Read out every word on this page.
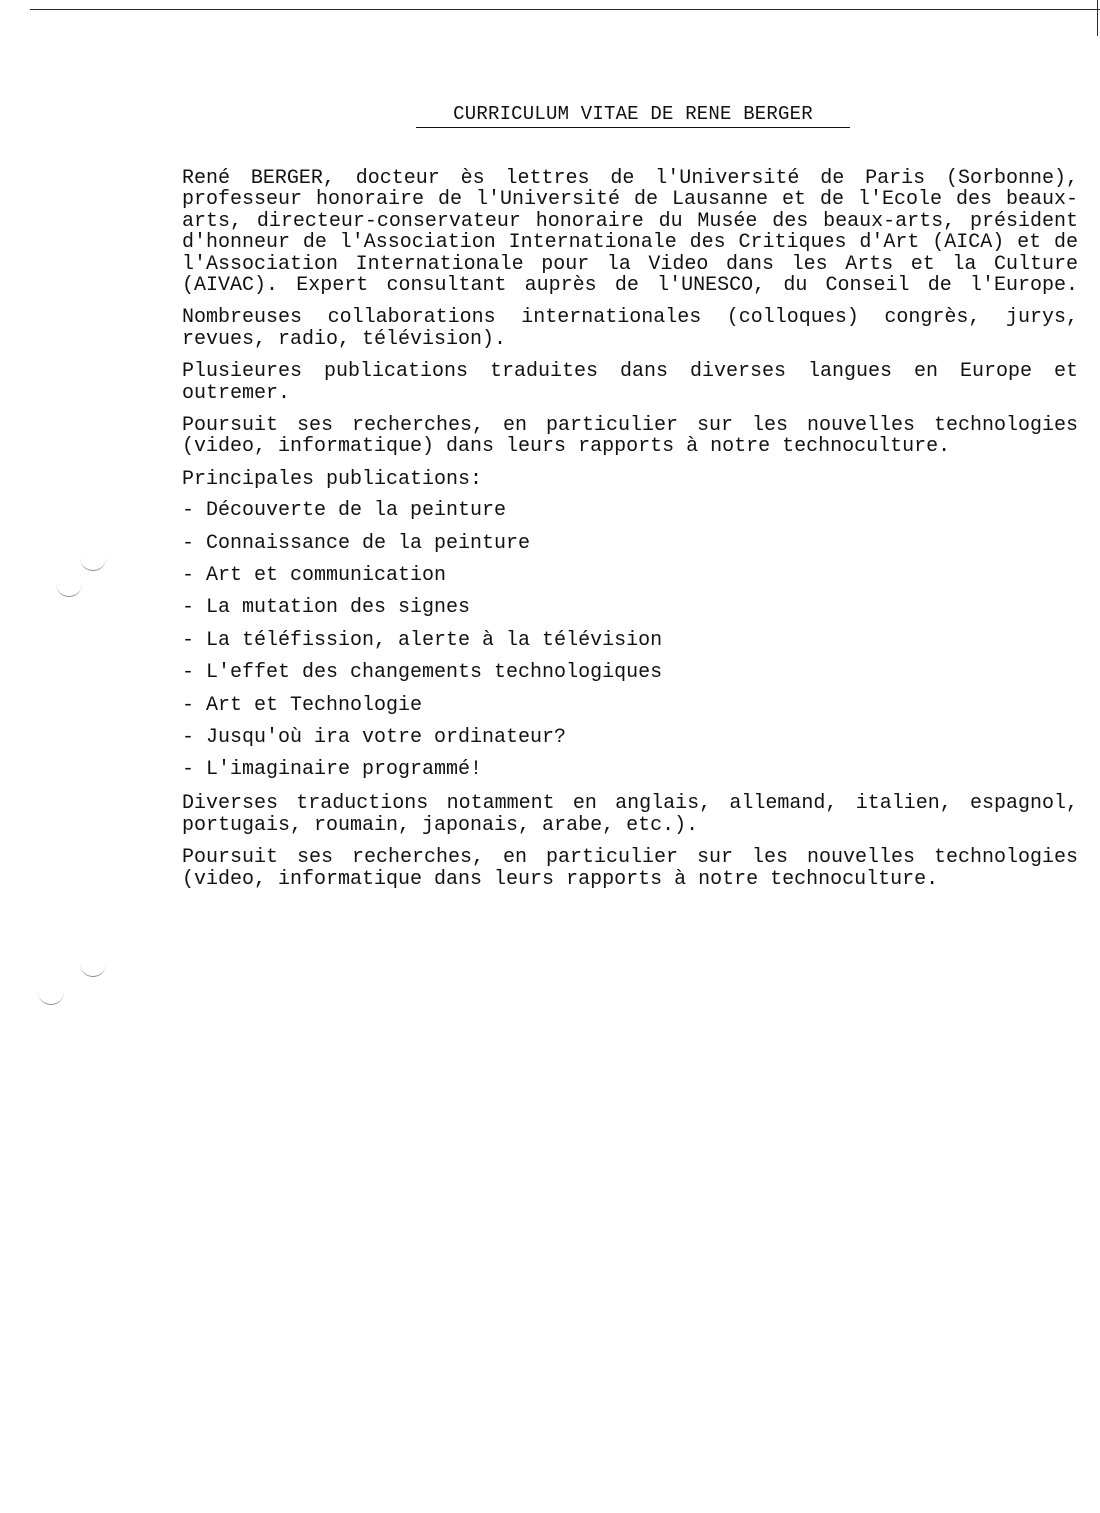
CURRICULUM VITAE DE RENE BERGER

René BERGER, docteur ès lettres de l'Université de Paris (Sorbonne), professeur honoraire de l'Université de Lausanne et de l'Ecole des beaux-arts, directeur-conservateur honoraire du Musée des beaux-arts, président d'honneur de l'Association Internationale des Critiques d'Art (AICA) et de l'Association Internationale pour la Video dans les Arts et la Culture (AIVAC). Expert consultant auprès de l'UNESCO, du Conseil de l'Europe.

Nombreuses collaborations internationales (colloques) congrès, jurys, revues, radio, télévision).

Plusieures publications traduites dans diverses langues en Europe et outremer.

Poursuit ses recherches, en particulier sur les nouvelles technologies (video, informatique) dans leurs rapports à notre technoculture.

Principales publications:
- Découverte de la peinture
- Connaissance de la peinture
- Art et communication
- La mutation des signes
- La téléfission, alerte à la télévision
- L'effet des changements technologiques
- Art et Technologie
- Jusqu'où ira votre ordinateur?
- L'imaginaire programmé!

Diverses traductions notamment en anglais, allemand, italien, espagnol, portugais, roumain, japonais, arabe, etc.).

Poursuit ses recherches, en particulier sur les nouvelles technologies (video, informatique dans leurs rapports à notre technoculture.
